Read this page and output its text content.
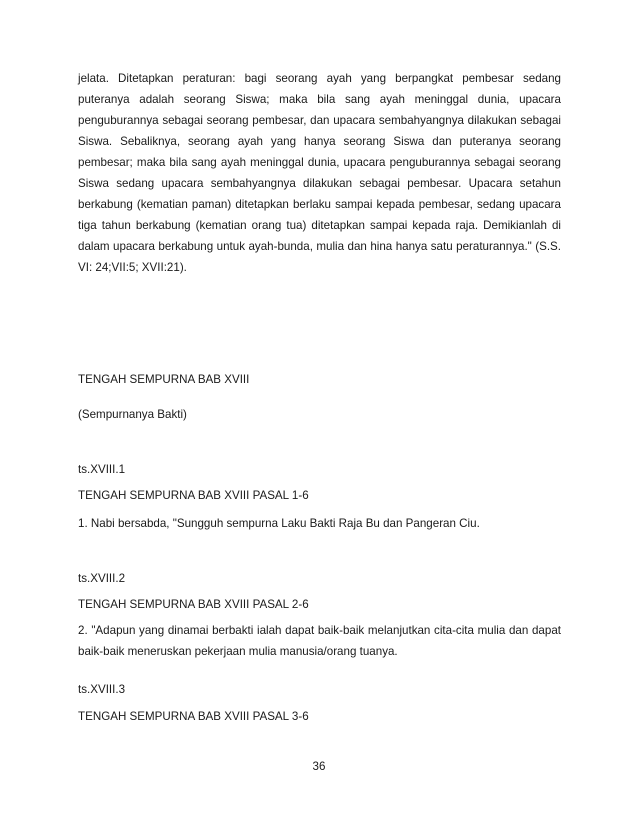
jelata. Ditetapkan peraturan: bagi seorang ayah yang berpangkat pembesar sedang puteranya adalah seorang Siswa; maka bila sang ayah meninggal dunia, upacara penguburannya sebagai seorang pembesar, dan upacara sembahyangnya dilakukan sebagai Siswa. Sebaliknya, seorang ayah yang hanya seorang Siswa dan puteranya seorang pembesar; maka bila sang ayah meninggal dunia, upacara penguburannya sebagai seorang Siswa sedang upacara sembahyangnya dilakukan sebagai pembesar. Upacara setahun berkabung (kematian paman) ditetapkan berlaku sampai kepada pembesar, sedang upacara tiga tahun berkabung (kematian orang tua) ditetapkan sampai kepada raja. Demikianlah di dalam upacara berkabung untuk ayah-bunda, mulia dan hina hanya satu peraturannya." (S.S. VI: 24;VII:5; XVII:21).

TENGAH SEMPURNA BAB XVIII
(Sempurnanya Bakti)
ts.XVIII.1
TENGAH SEMPURNA BAB XVIII PASAL 1-6
1. Nabi bersabda, "Sungguh sempurna Laku Bakti Raja Bu dan Pangeran Ciu.
ts.XVIII.2
TENGAH SEMPURNA BAB XVIII PASAL 2-6

2. "Adapun yang dinamai berbakti ialah dapat baik-baik melanjutkan cita-cita mulia dan dapat baik-baik meneruskan pekerjaan mulia manusia/orang tuanya.

ts.XVIII.3
TENGAH SEMPURNA BAB XVIII PASAL 3-6
36
